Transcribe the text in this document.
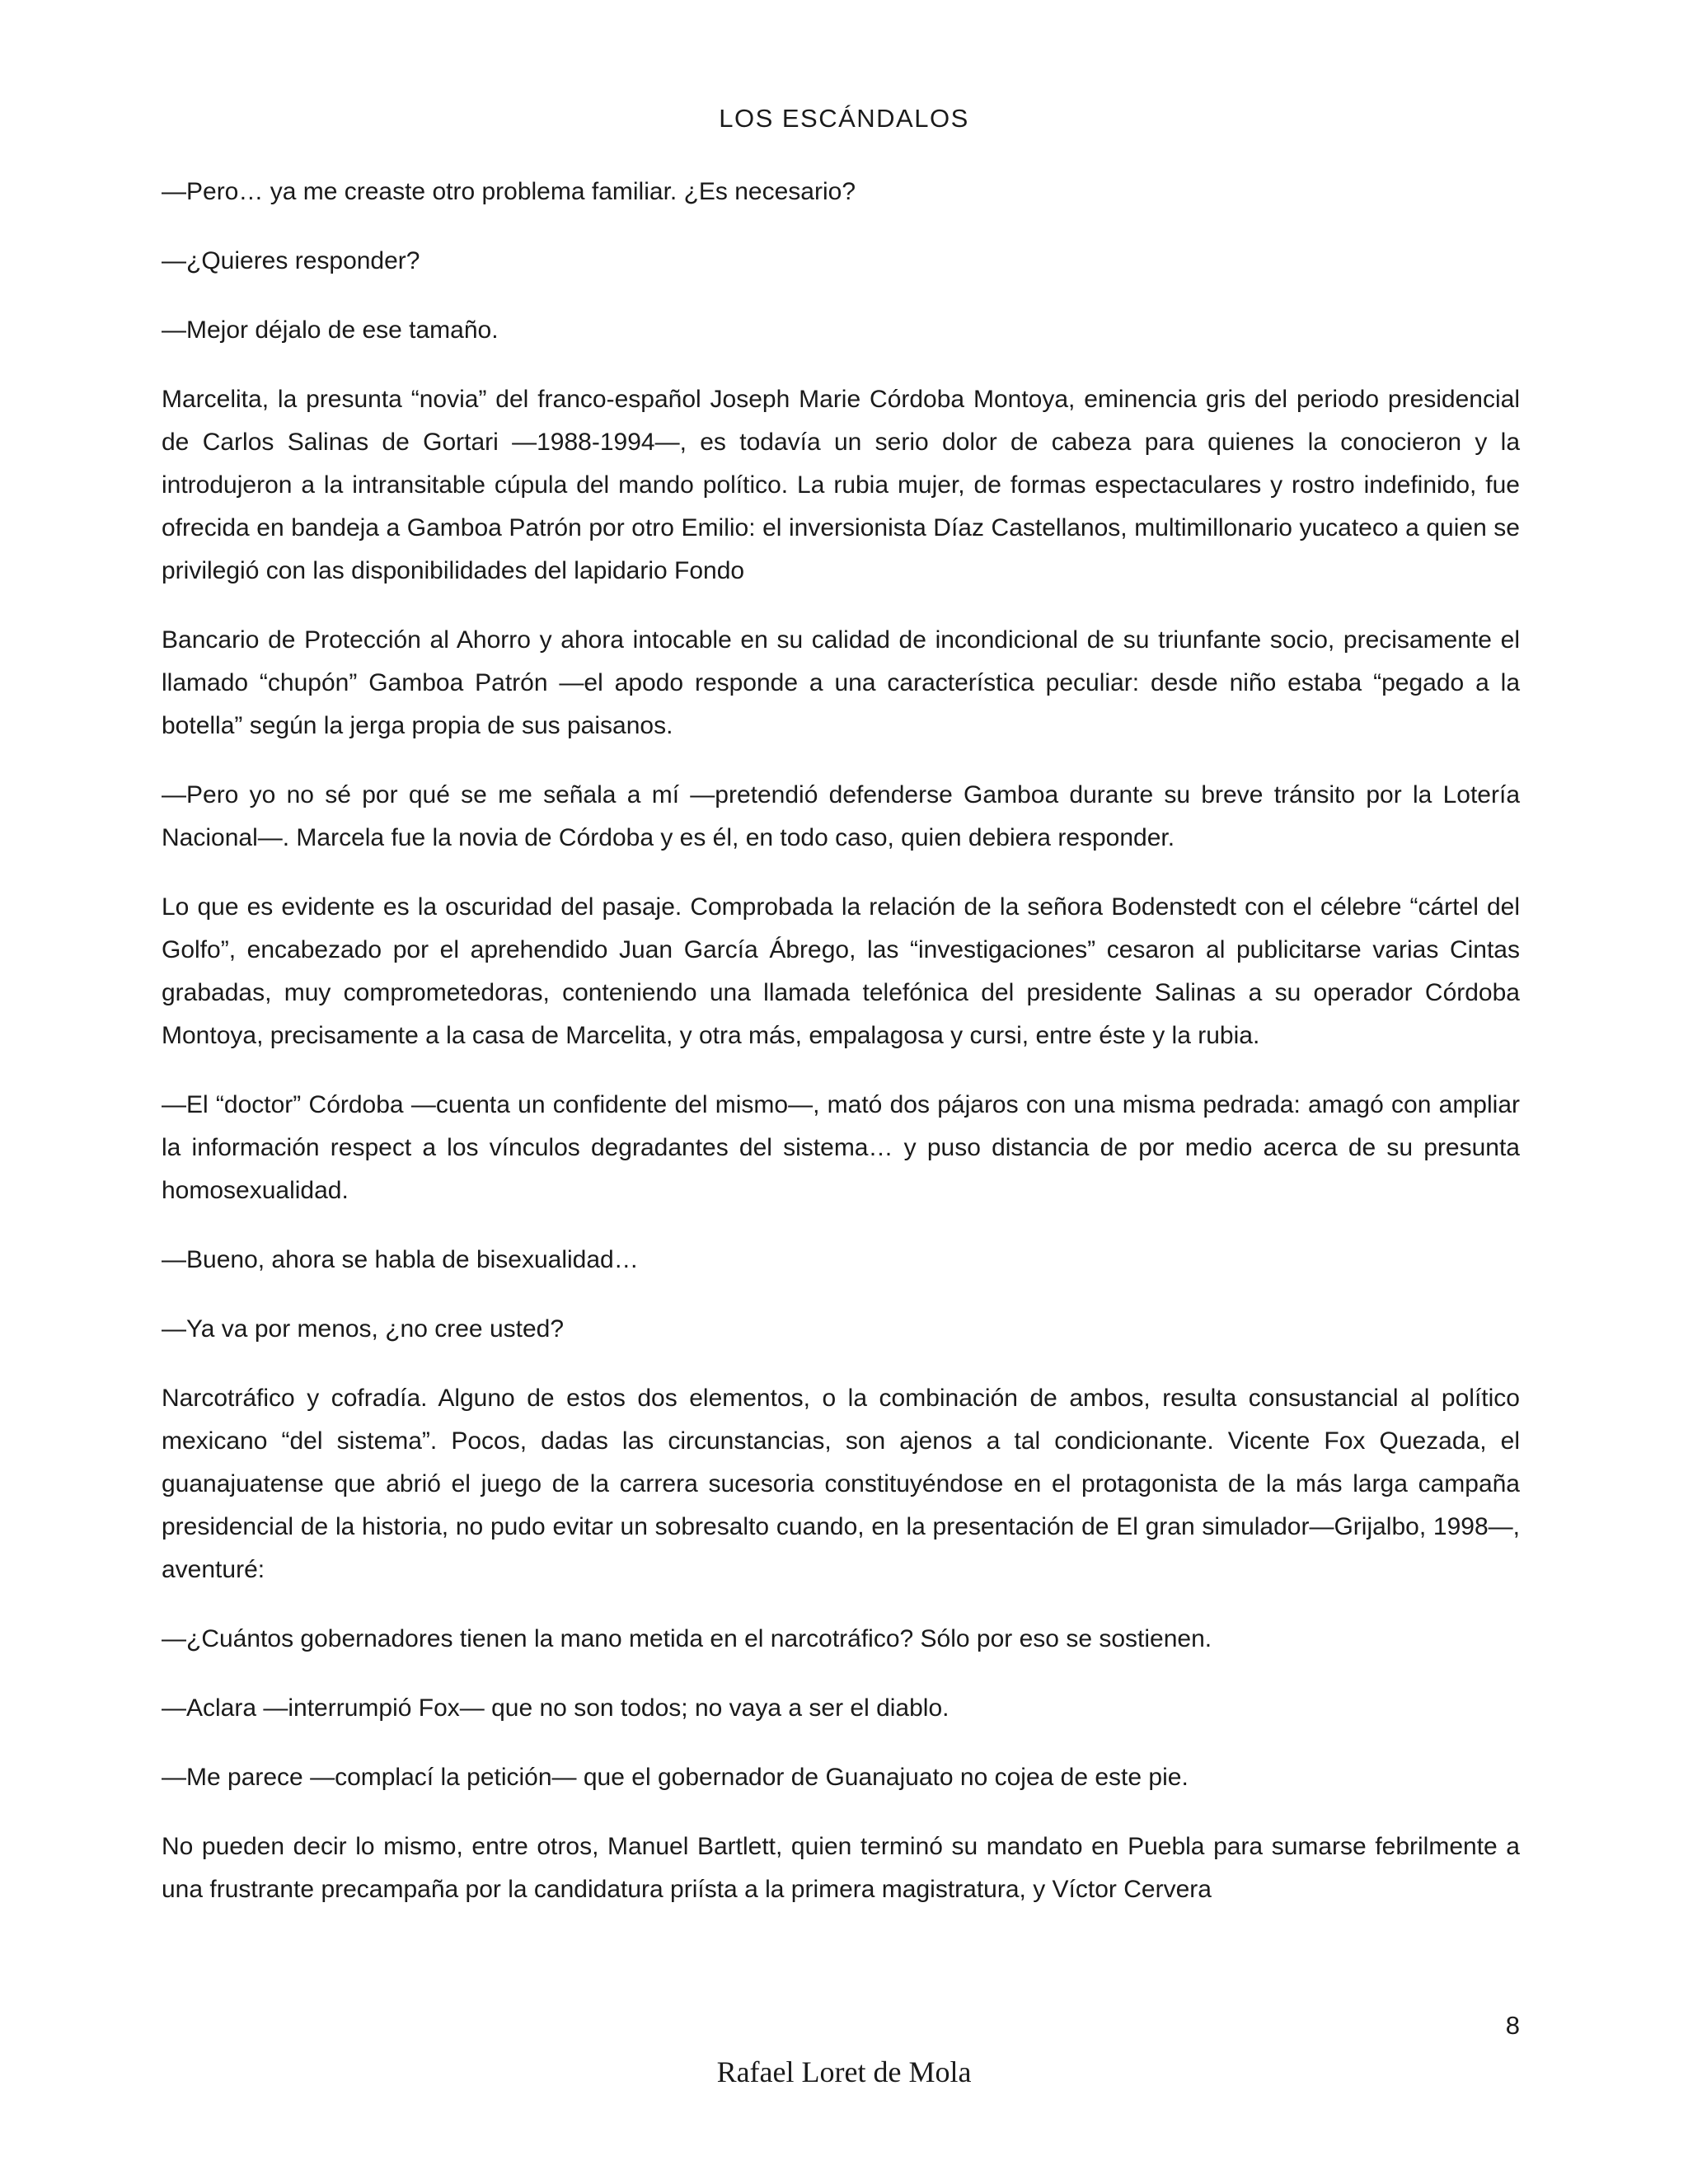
LOS ESCÁNDALOS

—Pero… ya me creaste otro problema familiar. ¿Es necesario?

—¿Quieres responder?

—Mejor déjalo de ese tamaño.

Marcelita, la presunta “novia” del franco-español Joseph Marie Córdoba Montoya, eminencia gris del periodo presidencial de Carlos Salinas de Gortari —1988-1994—, es todavía un serio dolor de cabeza para quienes la conocieron y la introdujeron a la intransitable cúpula del mando político. La rubia mujer, de formas espectaculares y rostro indefinido, fue ofrecida en bandeja a Gamboa Patrón por otro Emilio: el inversionista Díaz Castellanos, multimillonario yucateco a quien se privilegió con las disponibilidades del lapidario Fondo

Bancario de Protección al Ahorro y ahora intocable en su calidad de incondicional de su triunfante socio, precisamente el llamado “chupón” Gamboa Patrón —el apodo responde a una característica peculiar: desde niño estaba “pegado a la botella” según la jerga propia de sus paisanos.

—Pero yo no sé por qué se me señala a mí —pretendió defenderse Gamboa durante su breve tránsito por la Lotería Nacional—. Marcela fue la novia de Córdoba y es él, en todo caso, quien debiera responder.

Lo que es evidente es la oscuridad del pasaje. Comprobada la relación de la señora Bodenstedt con el célebre “cártel del Golfo”, encabezado por el aprehendido Juan García Ábrego, las “investigaciones” cesaron al publicitarse varias Cintas grabadas, muy comprometedoras, conteniendo una llamada telefónica del presidente Salinas a su operador Córdoba Montoya, precisamente a la casa de Marcelita, y otra más, empalagosa y cursi, entre éste y la rubia.

—El “doctor” Córdoba —cuenta un confidente del mismo—, mató dos pájaros con una misma pedrada: amagó con ampliar la información respect a los vínculos degradantes del sistema… y puso distancia de por medio acerca de su presunta homosexualidad.

—Bueno, ahora se habla de bisexualidad…

—Ya va por menos, ¿no cree usted?

Narcotráfico y cofradía. Alguno de estos dos elementos, o la combinación de ambos, resulta consustancial al político mexicano “del sistema”. Pocos, dadas las circunstancias, son ajenos a tal condicionante. Vicente Fox Quezada, el guanajuatense que abrió el juego de la carrera sucesoria constituyéndose en el protagonista de la más larga campaña presidencial de la historia, no pudo evitar un sobresalto cuando, en la presentación de El gran simulador—Grijalbo, 1998—, aventuré:

—¿Cuántos gobernadores tienen la mano metida en el narcotráfico? Sólo por eso se sostienen.

—Aclara —interrumpió Fox— que no son todos; no vaya a ser el diablo.

—Me parece —complací la petición— que el gobernador de Guanajuato no cojea de este pie.

No pueden decir lo mismo, entre otros, Manuel Bartlett, quien terminó su mandato en Puebla para sumarse febrilmente a una frustrante precampaña por la candidatura priísta a la primera magistratura, y Víctor Cervera

8
Rafael Loret de Mola
